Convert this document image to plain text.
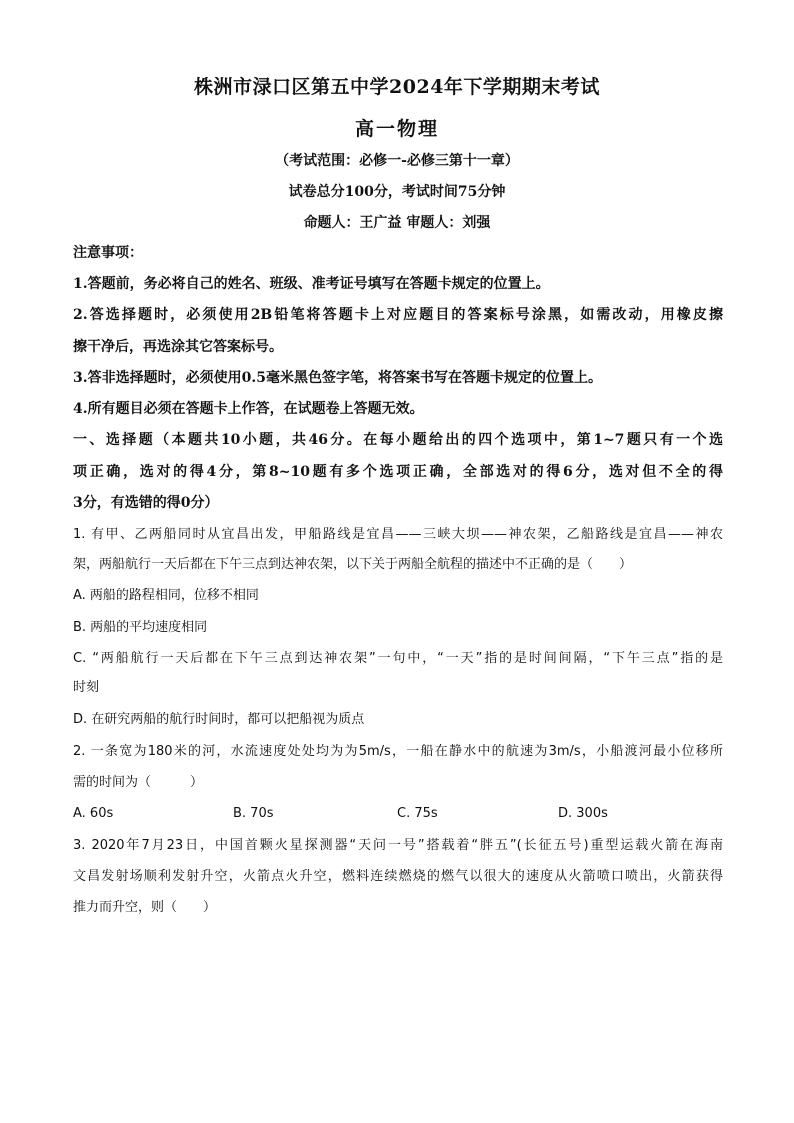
株洲市渌口区第五中学2024年下学期期末考试
高一物理
（考试范围：必修一-必修三第十一章）
试卷总分100分，考试时间75分钟
命题人：王广益 审题人：刘强
注意事项：
1.答题前，务必将自己的姓名、班级、准考证号填写在答题卡规定的位置上。
2.答选择题时，必须使用2B铅笔将答题卡上对应题目的答案标号涂黑，如需改动，用橡皮擦
擦干净后，再选涂其它答案标号。
3.答非选择题时，必须使用0.5毫米黑色签字笔，将答案书写在答题卡规定的位置上。
4.所有题目必须在答题卡上作答，在试题卷上答题无效。
一、选择题（本题共10小题，共46分。在每小题给出的四个选项中，第1~7题只有一个选
项正确，选对的得4分，第8~10题有多个选项正确，全部选对的得6分，选对但不全的得
3分，有选错的得0分）
1. 有甲、乙两船同时从宜昌出发，甲船路线是宜昌——三峡大坝——神农架，乙船路线是宜昌——神农
架，两船航行一天后都在下午三点到达神农架，以下关于两船全航程的描述中不正确的是（　　）
A. 两船的路程相同，位移不相同
B. 两船的平均速度相同
C. “两船航行一天后都在下午三点到达神农架”一句中，“一天”指的是时间间隔，“下午三点”指的是
时刻
D. 在研究两船的航行时间时，都可以把船视为质点
2. 一条宽为180米的河，水流速度处处均为为5m/s，一船在静水中的航速为3m/s，小船渡河最小位移所
需的时间为（　　　）
A. 60s	B. 70s	C. 75s	D. 300s
3. 2020年7月23日，中国首颗火星探测器“天问一号”搭载着“胖五”(长征五号)重型运载火箭在海南
文昌发射场顺利发射升空，火箭点火升空，燃料连续燃烧的燃气以很大的速度从火箭喷口喷出，火箭获得
推力而升空，则（　　）
